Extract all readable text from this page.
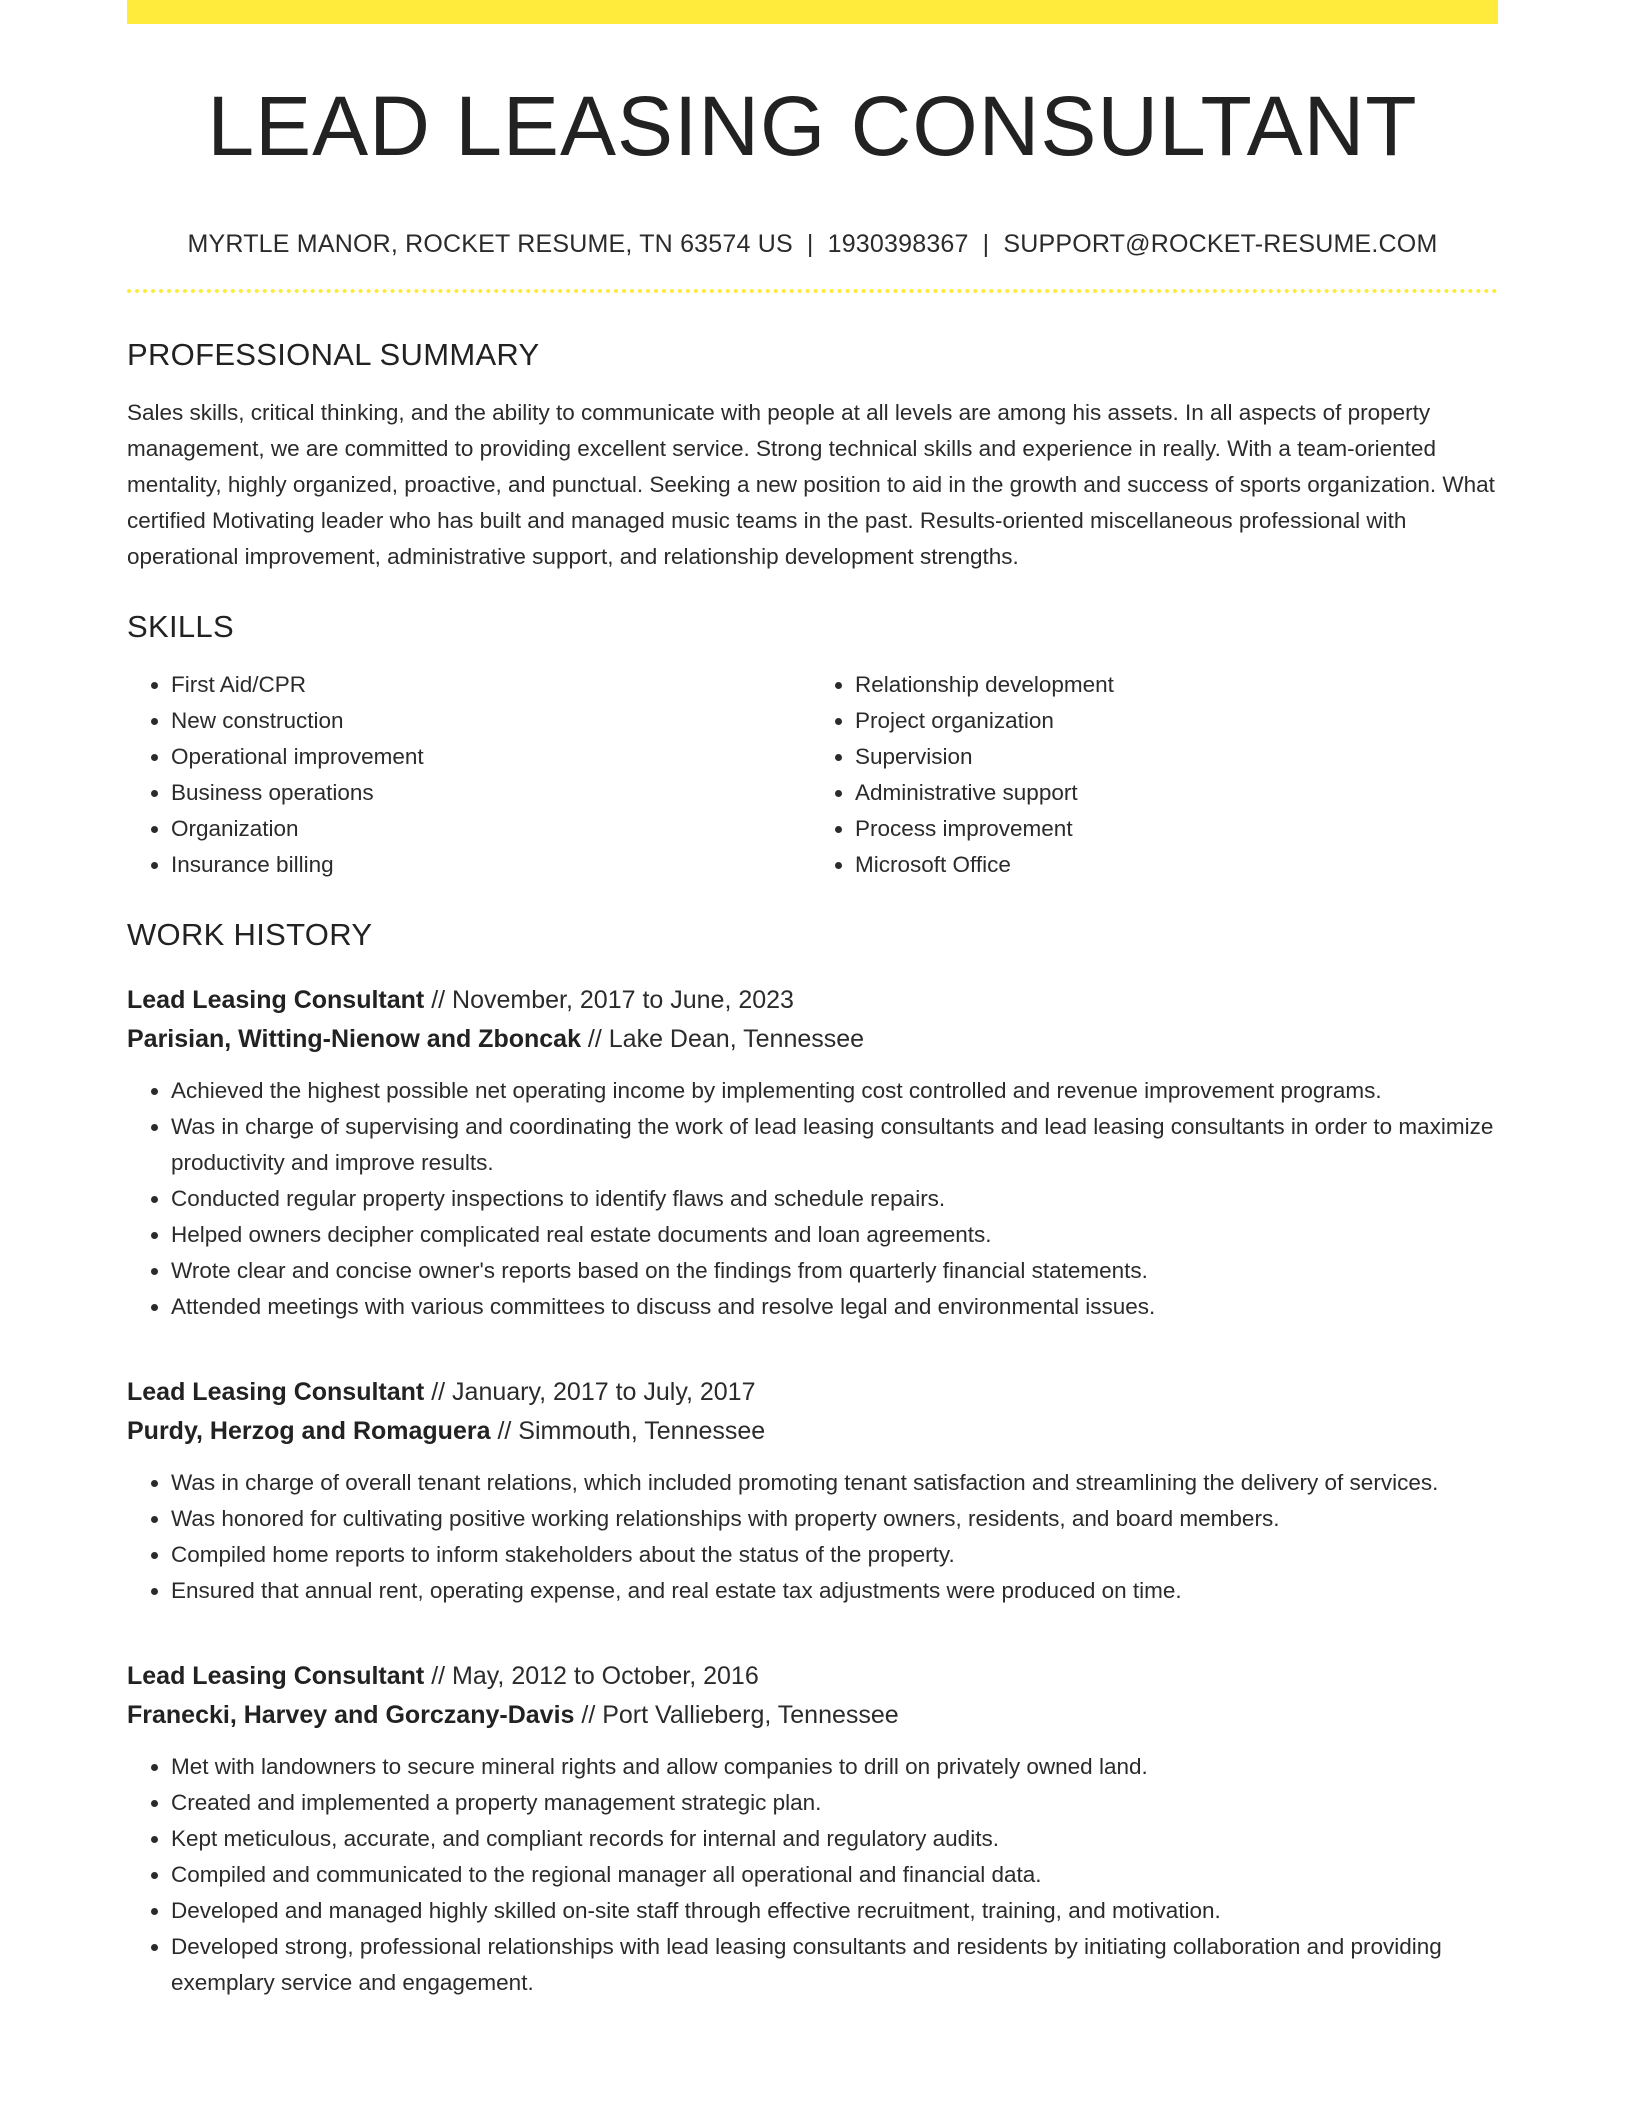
LEAD LEASING CONSULTANT
MYRTLE MANOR, ROCKET RESUME, TN 63574 US | 1930398367 | SUPPORT@ROCKET-RESUME.COM
PROFESSIONAL SUMMARY

Sales skills, critical thinking, and the ability to communicate with people at all levels are among his assets. In all aspects of property management, we are committed to providing excellent service. Strong technical skills and experience in really. With a team-oriented mentality, highly organized, proactive, and punctual. Seeking a new position to aid in the growth and success of sports organization. What certified Motivating leader who has built and managed music teams in the past. Results-oriented miscellaneous professional with operational improvement, administrative support, and relationship development strengths.

SKILLS
• First Aid/CPR
• New construction
• Operational improvement
• Business operations
• Organization
• Insurance billing
• Relationship development
• Project organization
• Supervision
• Administrative support
• Process improvement
• Microsoft Office
WORK HISTORY
Lead Leasing Consultant // November, 2017 to June, 2023
Parisian, Witting-Nienow and Zboncak // Lake Dean, Tennessee
• Achieved the highest possible net operating income by implementing cost controlled and revenue improvement programs.
• Was in charge of supervising and coordinating the work of lead leasing consultants and lead leasing consultants in order to maximize productivity and improve results.
• Conducted regular property inspections to identify flaws and schedule repairs.
• Helped owners decipher complicated real estate documents and loan agreements.
• Wrote clear and concise owner's reports based on the findings from quarterly financial statements.
• Attended meetings with various committees to discuss and resolve legal and environmental issues.
Lead Leasing Consultant // January, 2017 to July, 2017
Purdy, Herzog and Romaguera // Simmouth, Tennessee
• Was in charge of overall tenant relations, which included promoting tenant satisfaction and streamlining the delivery of services.
• Was honored for cultivating positive working relationships with property owners, residents, and board members.
• Compiled home reports to inform stakeholders about the status of the property.
• Ensured that annual rent, operating expense, and real estate tax adjustments were produced on time.
Lead Leasing Consultant // May, 2012 to October, 2016
Franecki, Harvey and Gorczany-Davis // Port Vallieberg, Tennessee
• Met with landowners to secure mineral rights and allow companies to drill on privately owned land.
• Created and implemented a property management strategic plan.
• Kept meticulous, accurate, and compliant records for internal and regulatory audits.
• Compiled and communicated to the regional manager all operational and financial data.
• Developed and managed highly skilled on-site staff through effective recruitment, training, and motivation.
• Developed strong, professional relationships with lead leasing consultants and residents by initiating collaboration and providing exemplary service and engagement.
